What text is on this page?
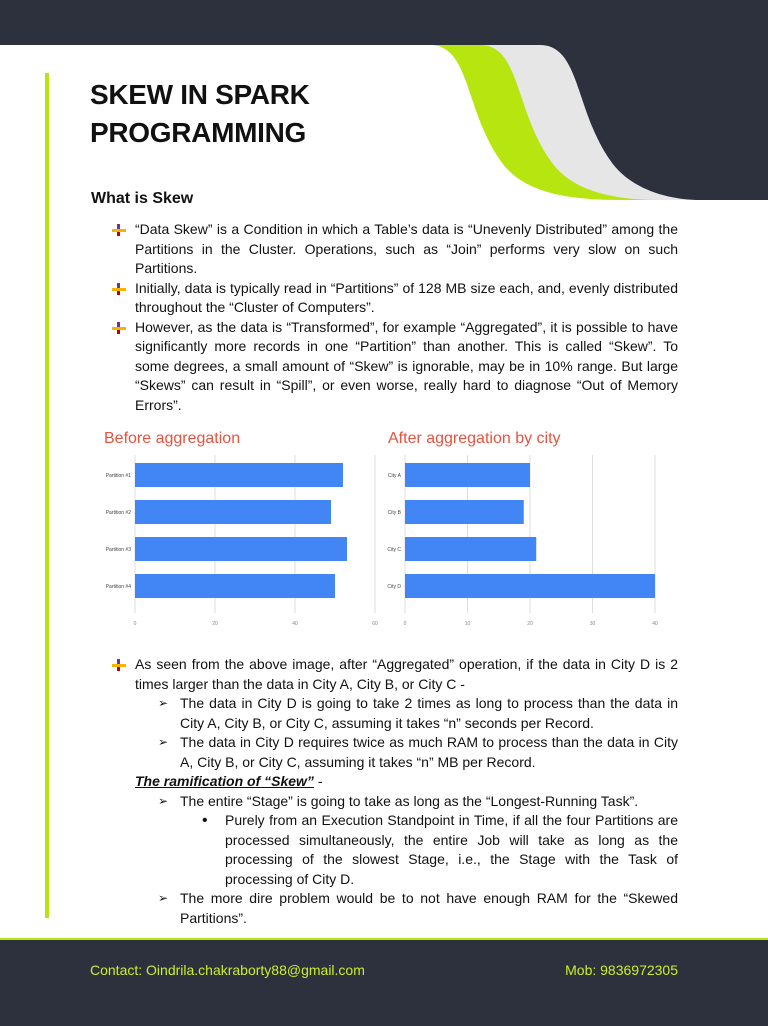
SKEW IN SPARK
PROGRAMMING
What is Skew
“Data Skew” is a Condition in which a Table’s data is “Unevenly Distributed” among the Partitions in the Cluster. Operations, such as “Join” performs very slow on such Partitions.
Initially, data is typically read in “Partitions” of 128 MB size each, and, evenly distributed throughout the “Cluster of Computers”.
However, as the data is “Transformed”, for example “Aggregated”, it is possible to have significantly more records in one “Partition” than another. This is called “Skew”. To some degrees, a small amount of “Skew” is ignorable, may be in 10% range. But large “Skews” can result in “Spill”, or even worse, really hard to diagnose “Out of Memory Errors”.
Before aggregation
0	20	40	60
Partition #1
Partition #2
Partition #3
Partition #4
After aggregation by city
0	10	20	30	40
City A
City B
City C
City D
As seen from the above image, after “Aggregated” operation, if the data in City D is 2 times larger than the data in City A, City B, or City C -
➢ The data in City D is going to take 2 times as long to process than the data in City A, City B, or City C, assuming it takes “n” seconds per Record.
➢ The data in City D requires twice as much RAM to process than the data in City A, City B, or City C, assuming it takes “n” MB per Record.
The ramification of “Skew” -
➢ The entire “Stage” is going to take as long as the “Longest-Running Task”.
• Purely from an Execution Standpoint in Time, if all the four Partitions are processed simultaneously, the entire Job will take as long as the processing of the slowest Stage, i.e., the Stage with the Task of processing of City D.
➢ The more dire problem would be to not have enough RAM for the “Skewed Partitions”.
Contact: Oindrila.chakraborty88@gmail.com	Mob: 9836972305
